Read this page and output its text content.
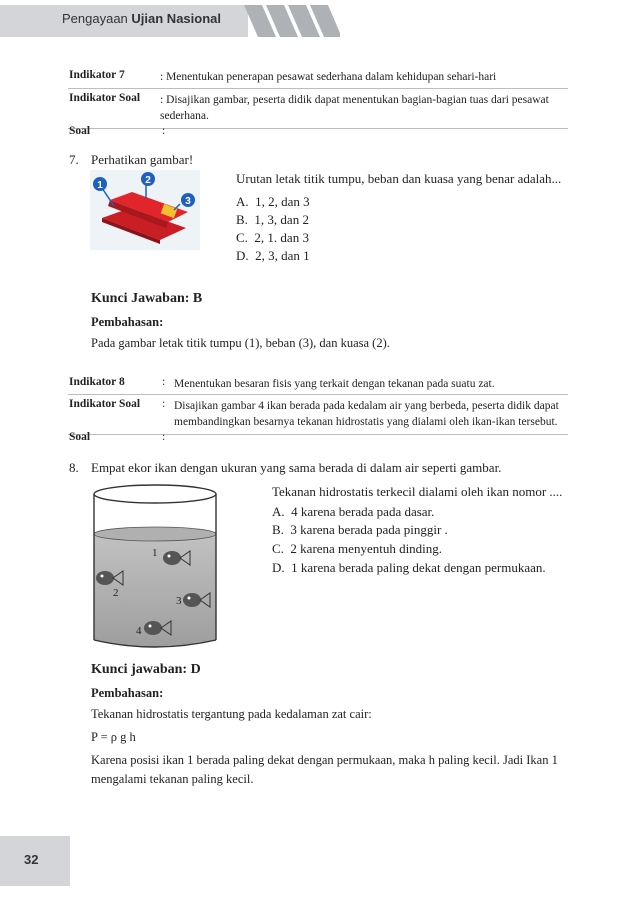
Pengayaan Ujian Nasional
Indikator 7	: Menentukan penerapan pesawat sederhana dalam kehidupan sehari-hari
Indikator Soal : Disajikan gambar, peserta didik dapat menentukan bagian-bagian tuas dari pesawat sederhana.
Soal	:
7. Perhatikan gambar!
1	2
3
Urutan letak titik tumpu, beban dan kuasa yang benar adalah...
A. 1, 2, dan 3
B. 1, 3, dan 2
C. 2, 1. dan 3
D. 2, 3, dan 1
Kunci Jawaban: B
Pembahasan:
Pada gambar letak titik tumpu (1), beban (3), dan kuasa (2).
Indikator 8	: Menentukan besaran fisis yang terkait dengan tekanan pada suatu zat.
Indikator Soal : Disajikan gambar 4 ikan berada pada kedalam air yang berbeda, peserta didik dapat membandingkan besarnya tekanan hidrostatis yang dialami oleh ikan-ikan tersebut.
Soal	:
8. Empat ekor ikan dengan ukuran yang sama berada di dalam air seperti gambar.
1
2
3
4
Tekanan hidrostatis terkecil dialami oleh ikan nomor ....
A. 4 karena berada pada dasar.
B. 3 karena berada pada pinggir .
C. 2 karena menyentuh dinding.
D. 1 karena berada paling dekat dengan permukaan.
Kunci jawaban: D
Pembahasan:
Tekanan hidrostatis tergantung pada kedalaman zat cair:
P = ρ g h
Karena posisi ikan 1 berada paling dekat dengan permukaan, maka h paling kecil. Jadi Ikan 1 mengalami tekanan paling kecil.
32
